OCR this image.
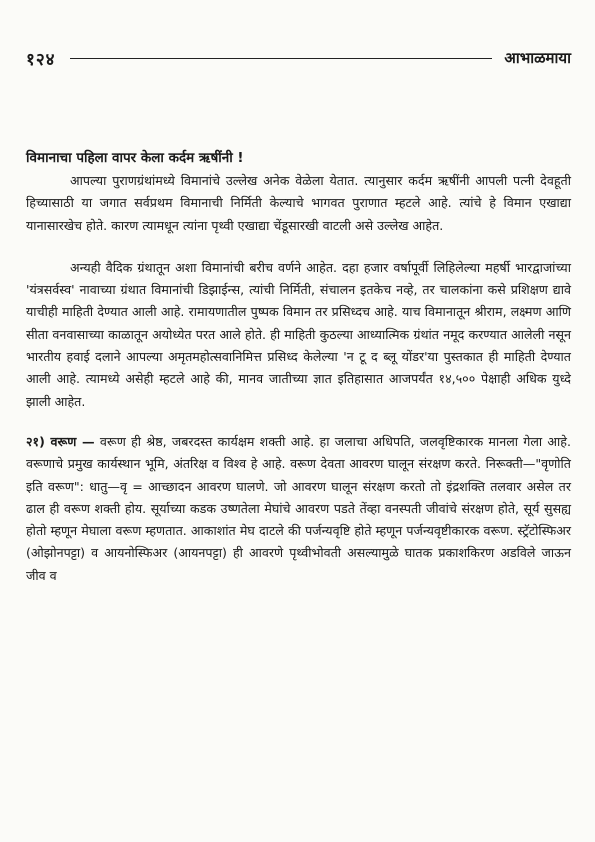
१२४	आभाळमाया
विमानाचा पहिला वापर केला कर्दम ऋषींनी !

आपल्या पुराणग्रंथांमध्ये विमानांचे उल्लेख अनेक वेळेला येतात. त्यानुसार कर्दम ऋषींनी आपली पत्नी देवहूती हिच्यासाठी या जगात सर्वप्रथम विमानाची निर्मिती केल्याचे भागवत पुराणात म्हटले आहे. त्यांचे हे विमान एखाद्या यानासारखेच होते. कारण त्यामधून त्यांना पृथ्वी एखाद्या चेंडूसारखी वाटली असे उल्लेख आहेत.

अन्यही वैदिक ग्रंथातून अशा विमानांची बरीच वर्णने आहेत. दहा हजार वर्षापूर्वी लिहिलेल्या महर्षी भारद्वाजांच्या 'यंत्रसर्वस्व' नावाच्या ग्रंथात विमानांची डिझाईन्स, त्यांची निर्मिती, संचालन इतकेच नव्हे, तर चालकांना कसे प्रशिक्षण द्यावे याचीही माहिती देण्यात आली आहे. रामायणातील पुष्पक विमान तर प्रसिध्दच आहे. याच विमानातून श्रीराम, लक्ष्मण आणि सीता वनवासाच्या काळातून अयोध्येत परत आले होते. ही माहिती कुठल्या आध्यात्मिक ग्रंथांत नमूद करण्यात आलेली नसून भारतीय हवाई दलाने आपल्या अमृतमहोत्सवानिमित्त प्रसिध्द केलेल्या 'न टू द ब्लू योंडर'या पुस्तकात ही माहिती देण्यात आली आहे. त्यामध्ये असेही म्हटले आहे की, मानव जातीच्या ज्ञात इतिहासात आजपर्यंत १४,५०० पेक्षाही अधिक युध्दे झाली आहेत.

२१) वरूण — वरूण ही श्रेष्ठ, जबरदस्त कार्यक्षम शक्ती आहे. हा जलाचा अधिपति, जलवृष्टिकारक मानला गेला आहे. वरूणाचे प्रमुख कार्यस्थान भूमि, अंतरिक्ष व विश्व हे आहे. वरूण देवता आवरण घालून संरक्षण करते. निरूक्ती—"वृणोति इति वरूण": धातु—वृ = आच्छादन आवरण घालणे. जो आवरण घालून संरक्षण करतो तो इंद्रशक्ति तलवार असेल तर ढाल ही वरूण शक्ती होय. सूर्याच्या कडक उष्णतेला मेघांचे आवरण पडते तेंव्हा वनस्पती जीवांचे संरक्षण होते, सूर्य सुसह्य होतो म्हणून मेघाला वरूण म्हणतात. आकाशांत मेघ दाटले की पर्जन्यवृष्टि होते म्हणून पर्जन्यवृष्टीकारक वरूण. स्ट्रॅटोस्फिअर (ओझोनपट्टा) व आयनोस्फिअर (आयनपट्टा) ही आवरणे पृथ्वीभोवती असल्यामुळे घातक प्रकाशकिरण अडविले जाऊन जीव व
